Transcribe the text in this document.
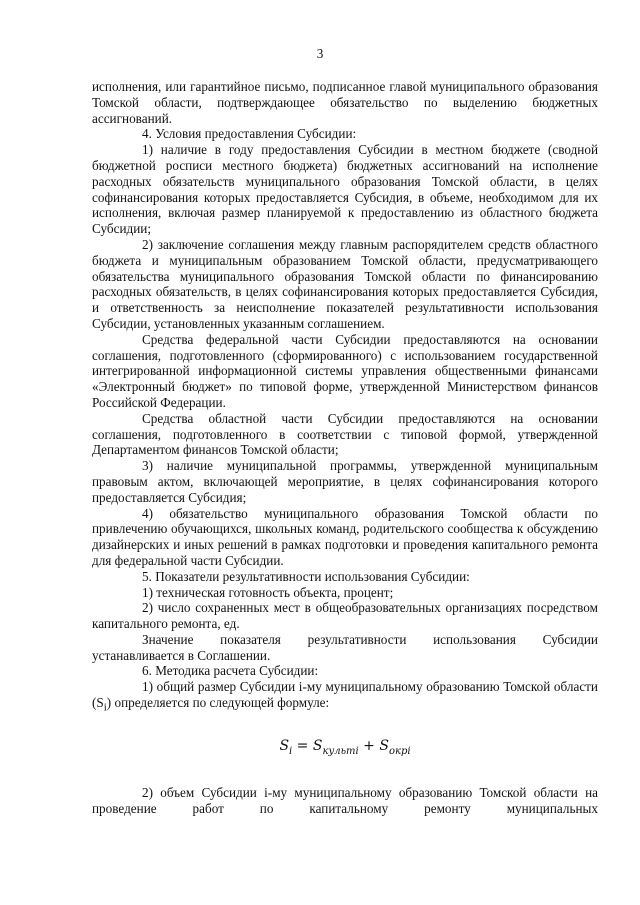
3

исполнения, или гарантийное письмо, подписанное главой муниципального образования Томской области, подтверждающее обязательство по выделению бюджетных ассигнований.

4. Условия предоставления Субсидии:

1) наличие в году предоставления Субсидии в местном бюджете (сводной бюджетной росписи местного бюджета) бюджетных ассигнований на исполнение расходных обязательств муниципального образования Томской области, в целях софинансирования которых предоставляется Субсидия, в объеме, необходимом для их исполнения, включая размер планируемой к предоставлению из областного бюджета Субсидии;

2) заключение соглашения между главным распорядителем средств областного бюджета и муниципальным образованием Томской области, предусматривающего обязательства муниципального образования Томской области по финансированию расходных обязательств, в целях софинансирования которых предоставляется Субсидия, и ответственность за неисполнение показателей результативности использования Субсидии, установленных указанным соглашением.

Средства федеральной части Субсидии предоставляются на основании соглашения, подготовленного (сформированного) с использованием государственной интегрированной информационной системы управления общественными финансами «Электронный бюджет» по типовой форме, утвержденной Министерством финансов Российской Федерации.

Средства областной части Субсидии предоставляются на основании соглашения, подготовленного в соответствии с типовой формой, утвержденной Департаментом финансов Томской области;

3) наличие муниципальной программы, утвержденной муниципальным правовым актом, включающей мероприятие, в целях софинансирования которого предоставляется Субсидия;

4) обязательство муниципального образования Томской области по привлечению обучающихся, школьных команд, родительского сообщества к обсуждению дизайнерских и иных решений в рамках подготовки и проведения капитального ремонта для федеральной части Субсидии.

5. Показатели результативности использования Субсидии:

1) техническая готовность объекта, процент;

2) число сохраненных мест в общеобразовательных организациях посредством капитального ремонта, ед.

Значение показателя результативности использования Субсидии устанавливается в Соглашении.

6. Методика расчета Субсидии:

1) общий размер Субсидии i-му муниципальному образованию Томской области $(S_i)$ определяется по следующей формуле:

$S_i = S_{культi} + S_{окрi}$

2) объем Субсидии i-му муниципальному образованию Томской области на проведение работ по капитальному ремонту муниципальных
